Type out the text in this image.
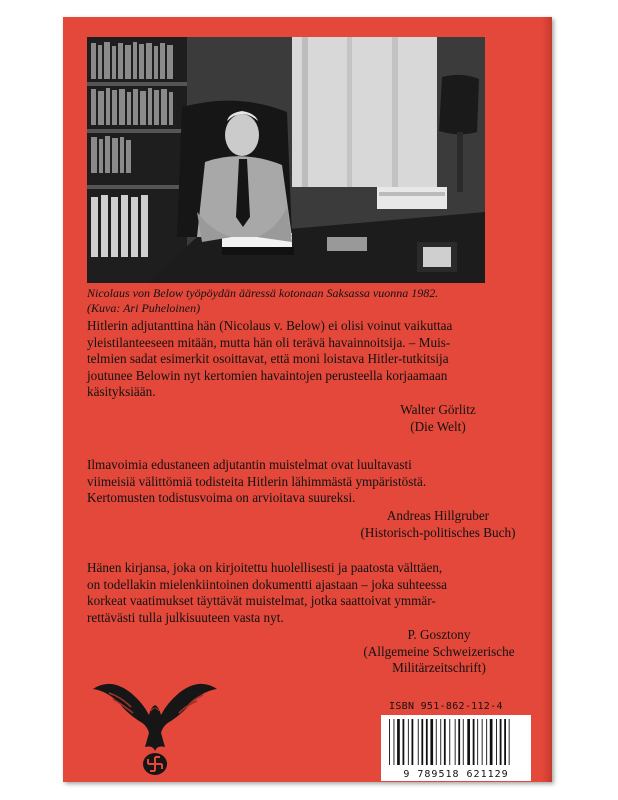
Nicolaus von Below työpöydän ääressä kotonaan Saksassa vuonna 1982.
(Kuva: Ari Puheloinen)
Hitlerin adjutanttina hän (Nicolaus v. Below) ei olisi voinut vaikuttaa
yleistilanteeseen mitään, mutta hän oli terävä havainnoitsija. – Muis-
telmien sadat esimerkit osoittavat, että moni loistava Hitler-tutkitsija
joutunee Belowin nyt kertomien havaintojen perusteella korjaamaan
käsityksiään.
Walter Görlitz
(Die Welt)
Ilmavoimia edustaneen adjutantin muistelmat ovat luultavasti
viimeisiä välittömiä todisteita Hitlerin lähimmästä ympäristöstä.
Kertomusten todistusvoima on arvioitava suureksi.
Andreas Hillgruber
(Historisch-politisches Buch)
Hänen kirjansa, joka on kirjoitettu huolellisesti ja paatosta välttäen,
on todellakin mielenkiintoinen dokumentti ajastaan – joka suhteessa
korkeat vaatimukset täyttävät muistelmat, jotka saattoivat ymmär-
rettävästi tulla julkisuuteen vasta nyt.
P. Gosztony
(Allgemeine Schweizerische
Militärzeitschrift)
ISBN 951-862-112-4
9 789518 621129
